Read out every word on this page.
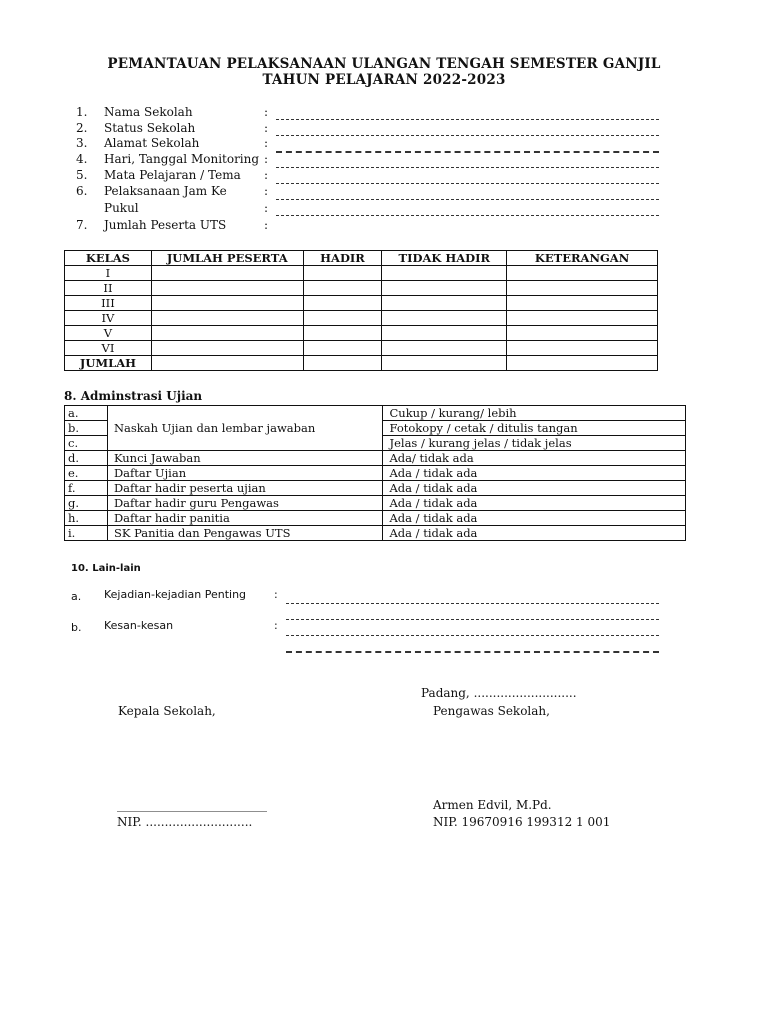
PEMANTAUAN PELAKSANAAN ULANGAN TENGAH SEMESTER GANJIL
TAHUN PELAJARAN 2022-2023
1. Nama Sekolah	:
2. Status Sekolah	:
3. Alamat Sekolah	:
4. Hari, Tanggal Monitoring :
5. Mata Pelajaran / Tema :
6. Pelaksanaan Jam Ke	:
Pukul	:
7. Jumlah Peserta UTS	:
KELAS	JUMLAH PESERTA	HADIR	TIDAK HADIR	KETERANGAN
I				
II				
III				
IV				
V				
VI				
JUMLAH				
8. Adminstrasi Ujian
a.	Naskah Ujian dan lembar jawaban	Cukup / kurang/ lebih
b.		Fotokopy / cetak / ditulis tangan
c.		Jelas / kurang jelas / tidak jelas
d.	Kunci Jawaban	Ada/ tidak ada
e.	Daftar Ujian	Ada / tidak ada
f.	Daftar hadir peserta ujian	Ada / tidak ada
g.	Daftar hadir guru Pengawas	Ada / tidak ada
h.	Daftar hadir panitia	Ada / tidak ada
i.	SK Panitia dan Pengawas UTS	Ada / tidak ada
10. Lain-lain
a. Kejadian-kejadian Penting	:
b. Kesan-kesan	:
Padang, ...........................
Kepala Sekolah,	Pengawas Sekolah,
_________________________	Armen Edvil, M.Pd.
NIP. ............................	NIP. 19670916 199312 1 001
